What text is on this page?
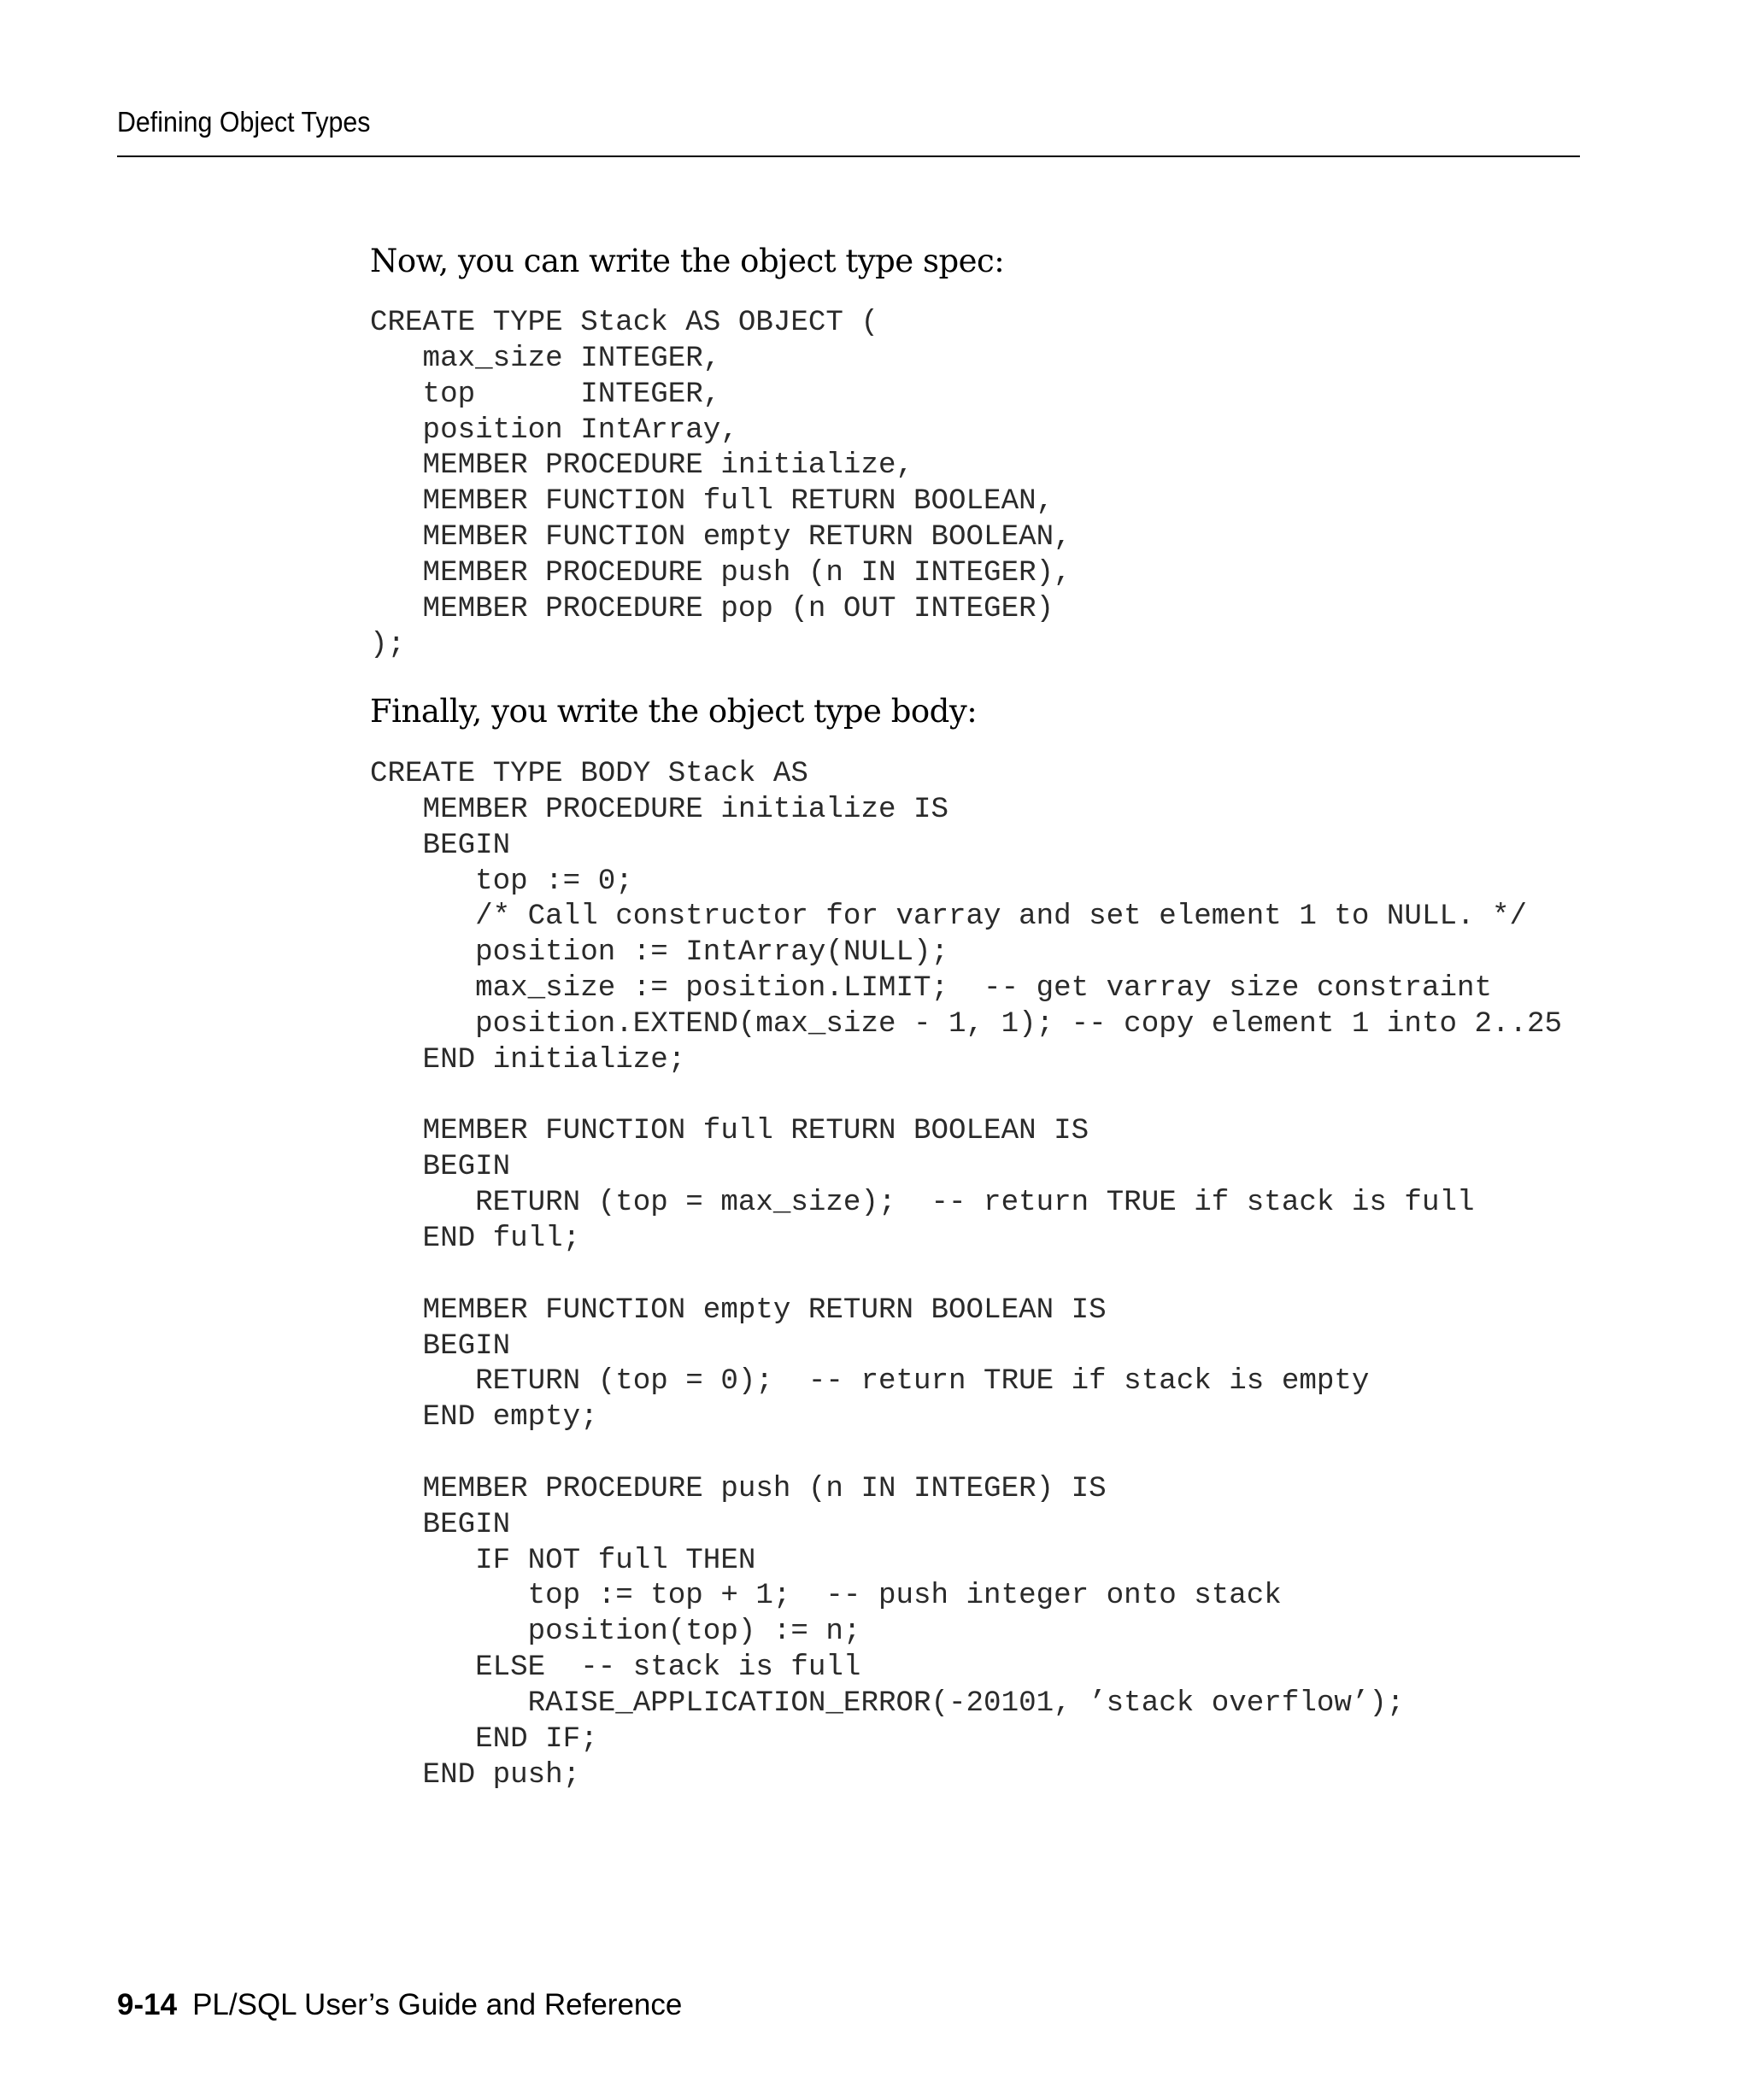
Defining Object Types
Now, you can write the object type spec:
CREATE TYPE Stack AS OBJECT (
max_size INTEGER,
top      INTEGER,
position IntArray,
MEMBER PROCEDURE initialize,
MEMBER FUNCTION full RETURN BOOLEAN,
MEMBER FUNCTION empty RETURN BOOLEAN,
MEMBER PROCEDURE push (n IN INTEGER),
MEMBER PROCEDURE pop (n OUT INTEGER)
);
Finally, you write the object type body:
CREATE TYPE BODY Stack AS
MEMBER PROCEDURE initialize IS
BEGIN
top := 0;
/* Call constructor for varray and set element 1 to NULL. */
position := IntArray(NULL);
max_size := position.LIMIT;  -- get varray size constraint
position.EXTEND(max_size - 1, 1); -- copy element 1 into 2..25
END initialize;
MEMBER FUNCTION full RETURN BOOLEAN IS
BEGIN
RETURN (top = max_size);  -- return TRUE if stack is full
END full;
MEMBER FUNCTION empty RETURN BOOLEAN IS
BEGIN
RETURN (top = 0);  -- return TRUE if stack is empty
END empty;
MEMBER PROCEDURE push (n IN INTEGER) IS
BEGIN
IF NOT full THEN
top := top + 1;  -- push integer onto stack
position(top) := n;
ELSE  -- stack is full
RAISE_APPLICATION_ERROR(-20101, ’stack overflow’);
END IF;
END push;
9-14 PL/SQL User’s Guide and Reference
